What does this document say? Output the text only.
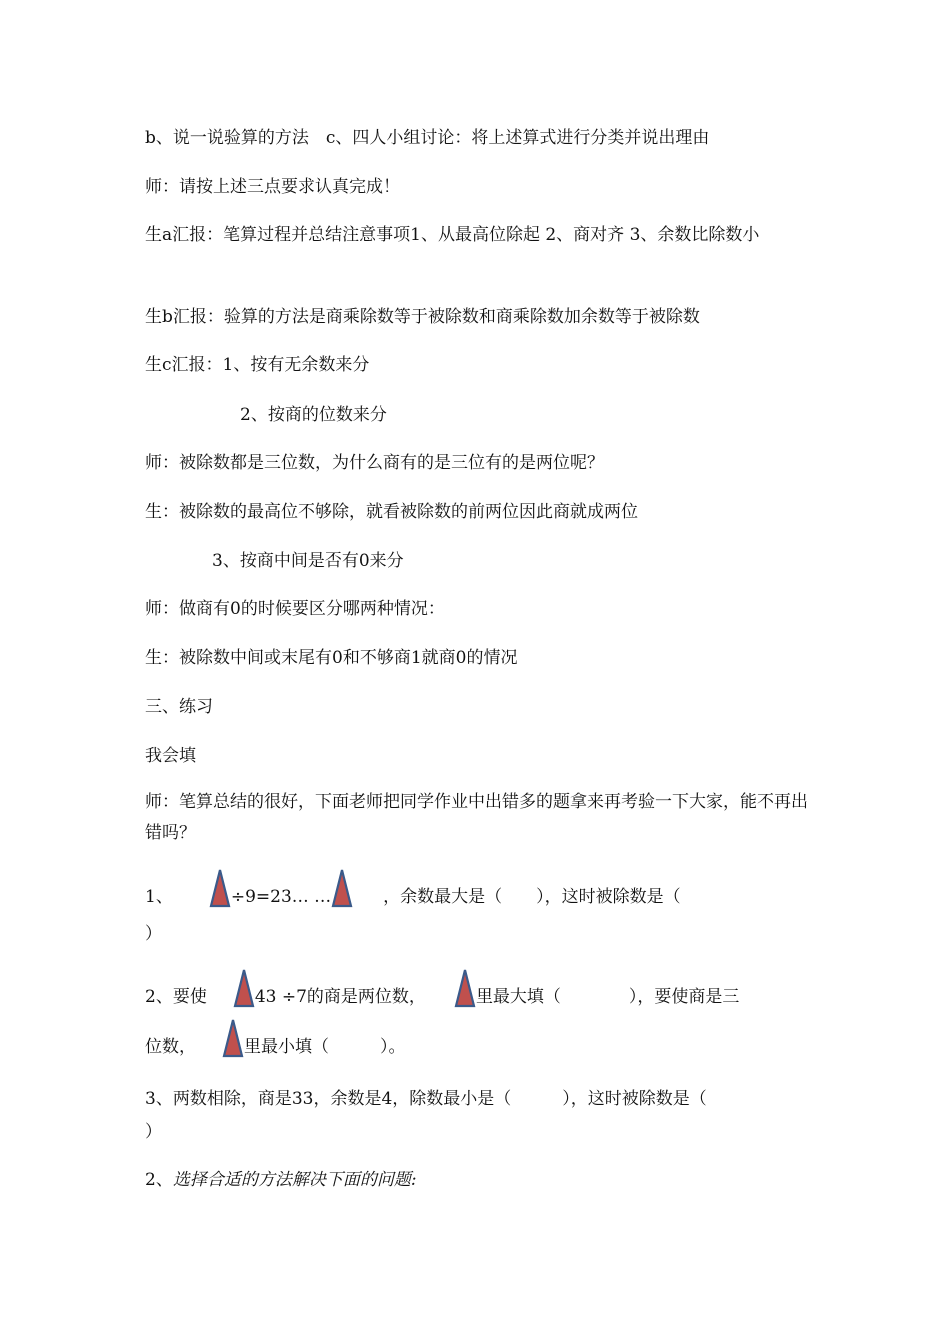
b、说一说验算的方法　c、四人小组讨论：将上述算式进行分类并说出理由
师：请按上述三点要求认真完成！
生a汇报：笔算过程并总结注意事项1、从最高位除起 2、商对齐 3、余数比除数小
生b汇报：验算的方法是商乘除数等于被除数和商乘除数加余数等于被除数
生c汇报：1、按有无余数来分
2、按商的位数来分
师：被除数都是三位数，为什么商有的是三位有的是两位呢？
生：被除数的最高位不够除，就看被除数的前两位因此商就成两位
3、按商中间是否有0来分
师：做商有0的时候要区分哪两种情况：
生：被除数中间或末尾有0和不够商1就商0的情况
三、练习
我会填
师：笔算总结的很好，下面老师把同学作业中出错多的题拿来再考验一下大家，能不再出错吗？
1、	÷9=23… …	，余数最大是（　　），这时被除数是（
）
2、要使	43 ÷7的商是两位数，	里最大填（　　　　），要使商是三
位数，	里最小填（　　　）。
3、两数相除，商是33，余数是4，除数最小是（　　　），这时被除数是（
）
2、选择合适的方法解决下面的问题:
